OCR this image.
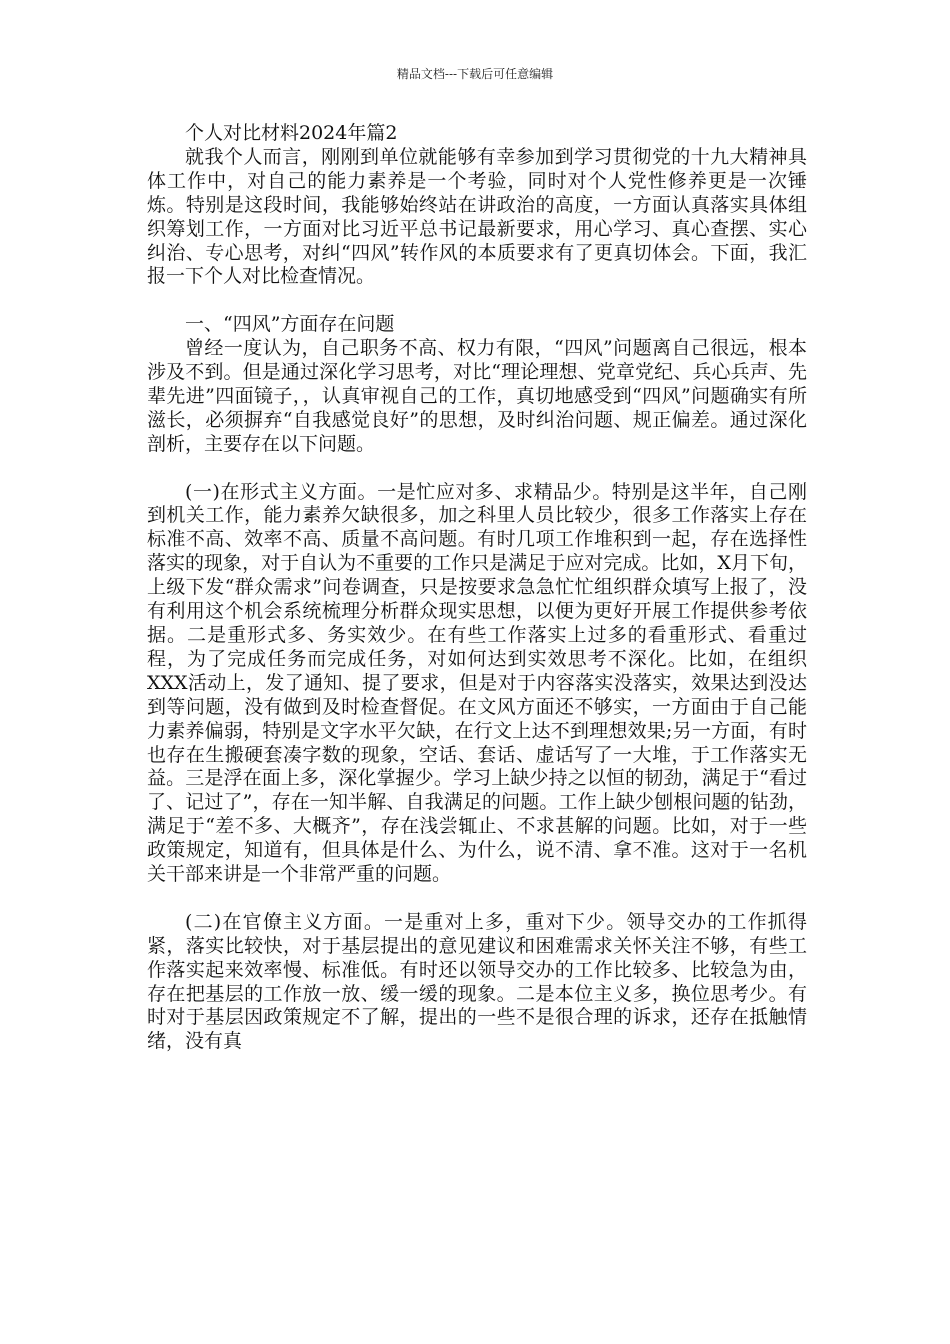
精品文档---下载后可任意编辑

个人对比材料2024年篇2

就我个人而言，刚刚到单位就能够有幸参加到学习贯彻党的十九大精神具体工作中，对自己的能力素养是一个考验，同时对个人党性修养更是一次锤炼。特别是这段时间，我能够始终站在讲政治的高度，一方面认真落实具体组织筹划工作，一方面对比习近平总书记最新要求，用心学习、真心查摆、实心纠治、专心思考，对纠“四风”转作风的本质要求有了更真切体会。下面，我汇报一下个人对比检查情况。

一、“四风”方面存在问题

曾经一度认为，自己职务不高、权力有限，“四风”问题离自己很远，根本涉及不到。但是通过深化学习思考，对比“理论理想、党章党纪、兵心兵声、先辈先进”四面镜子，，认真审视自己的工作，真切地感受到“四风”问题确实有所滋长，必须摒弃“自我感觉良好”的思想，及时纠治问题、规正偏差。通过深化剖析，主要存在以下问题。

(一)在形式主义方面。一是忙应对多、求精品少。特别是这半年，自己刚到机关工作，能力素养欠缺很多，加之科里人员比较少，很多工作落实上存在标准不高、效率不高、质量不高问题。有时几项工作堆积到一起，存在选择性落实的现象，对于自认为不重要的工作只是满足于应对完成。比如，X月下旬，上级下发“群众需求”问卷调查，只是按要求急急忙忙组织群众填写上报了，没有利用这个机会系统梳理分析群众现实思想，以便为更好开展工作提供参考依据。二是重形式多、务实效少。在有些工作落实上过多的看重形式、看重过程，为了完成任务而完成任务，对如何达到实效思考不深化。比如，在组织XXX活动上，发了通知、提了要求，但是对于内容落实没落实，效果达到没达到等问题，没有做到及时检查督促。在文风方面还不够实，一方面由于自己能力素养偏弱，特别是文字水平欠缺，在行文上达不到理想效果;另一方面，有时也存在生搬硬套凑字数的现象，空话、套话、虚话写了一大堆，于工作落实无益。三是浮在面上多，深化掌握少。学习上缺少持之以恒的韧劲，满足于“看过了、记过了”，存在一知半解、自我满足的问题。工作上缺少刨根问题的钻劲，满足于“差不多、大概齐”，存在浅尝辄止、不求甚解的问题。比如，对于一些政策规定，知道有，但具体是什么、为什么，说不清、拿不准。这对于一名机关干部来讲是一个非常严重的问题。

(二)在官僚主义方面。一是重对上多，重对下少。领导交办的工作抓得紧，落实比较快，对于基层提出的意见建议和困难需求关怀关注不够，有些工作落实起来效率慢、标准低。有时还以领导交办的工作比较多、比较急为由，存在把基层的工作放一放、缓一缓的现象。二是本位主义多，换位思考少。有时对于基层因政策规定不了解，提出的一些不是很合理的诉求，还存在抵触情绪，没有真
